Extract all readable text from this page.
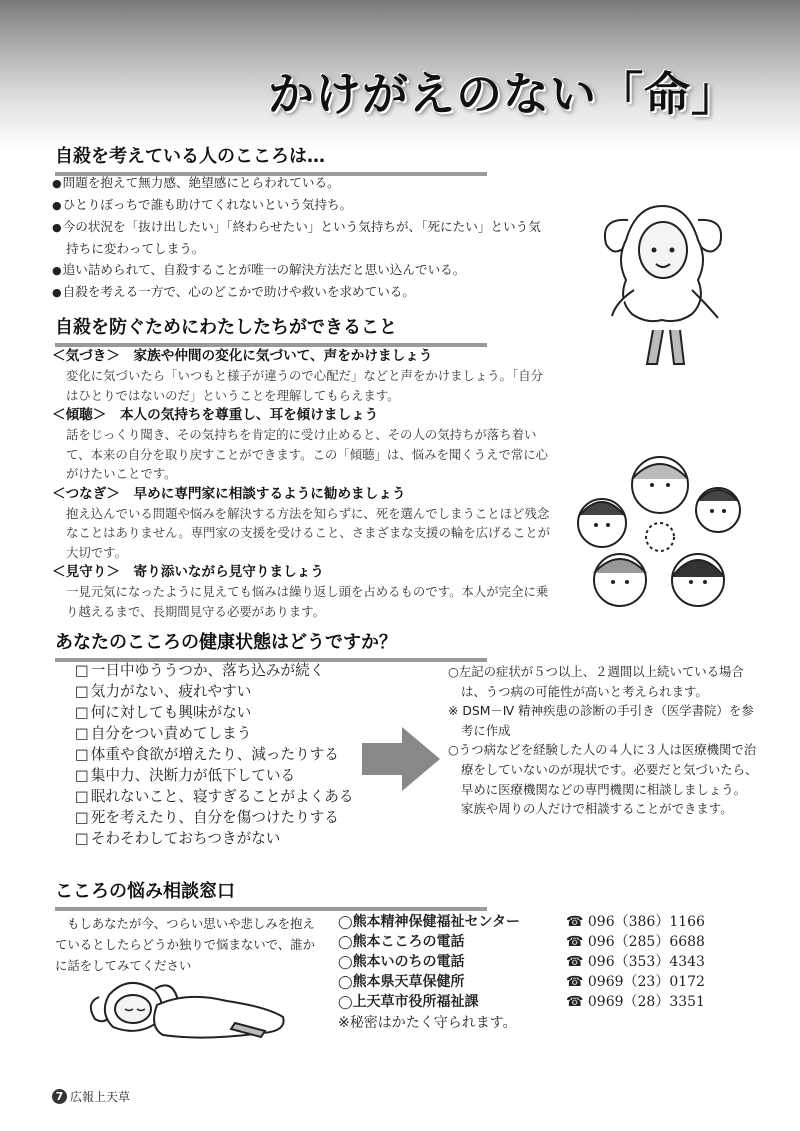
かけがえのない「命」
自殺を考えている人のこころは…
● 問題を抱えて無力感、絶望感にとらわれている。
● ひとりぼっちで誰も助けてくれないという気持ち。
● 今の状況を「抜け出したい」「終わらせたい」という気持ちが、「死にたい」という気持ちに変わってしまう。
● 追い詰められて、自殺することが唯一の解決方法だと思い込んでいる。
● 自殺を考える一方で、心のどこかで助けや救いを求めている。
自殺を防ぐためにわたしたちができること
＜気づき＞　家族や仲間の変化に気づいて、声をかけましょう
変化に気づいたら「いつもと様子が違うので心配だ」などと声をかけましょう。「自分はひとりではないのだ」ということを理解してもらえます。
＜傾聴＞　本人の気持ちを尊重し、耳を傾けましょう
話をじっくり聞き、その気持ちを肯定的に受け止めると、その人の気持ちが落ち着いて、本来の自分を取り戻すことができます。この「傾聴」は、悩みを聞くうえで常に心がけたいことです。
＜つなぎ＞　早めに専門家に相談するように勧めましょう
抱え込んでいる問題や悩みを解決する方法を知らずに、死を選んでしまうことほど残念なことはありません。専門家の支援を受けること、さまざまな支援の輪を広げることが大切です。
＜見守り＞　寄り添いながら見守りましょう
一見元気になったように見えても悩みは繰り返し頭を占めるものです。本人が完全に乗り越えるまで、長期間見守る必要があります。
あなたのこころの健康状態はどうですか？
□ 一日中ゆううつか、落ち込みが続く
□ 気力がない、疲れやすい
□ 何に対しても興味がない
□ 自分をつい責めてしまう
□ 体重や食欲が増えたり、減ったりする
□ 集中力、決断力が低下している
□ 眠れないこと、寝すぎることがよくある
□ 死を考えたり、自分を傷つけたりする
□ そわそわしておちつきがない

○左記の症状が５つ以上、２週間以上続いている場合は、うつ病の可能性が高いと考えられます。

※ DSM－Ⅳ 精神疾患の診断の手引き（医学書院）を参考に作成

○うつ病などを経験した人の４人に３人は医療機関で治療をしていないのが現状です。必要だと気づいたら、早めに医療機関などの専門機関に相談しましょう。

家族や周りの人だけで相談することができます。

こころの悩み相談窓口

もしあなたが今、つらい思いや悲しみを抱えているとしたらどうか独りで悩まないで、誰かに話をしてみてください

◯ 熊本精神保健福祉センター	☎ 096（386）1166
◯ 熊本こころの電話	☎ 096（285）6688
◯ 熊本いのちの電話	☎ 096（353）4343
◯ 熊本県天草保健所	☎ 0969（23）0172
◯ 上天草市役所福祉課	☎ 0969（28）3351
※秘密はかたく守られます。
7 広報上天草
